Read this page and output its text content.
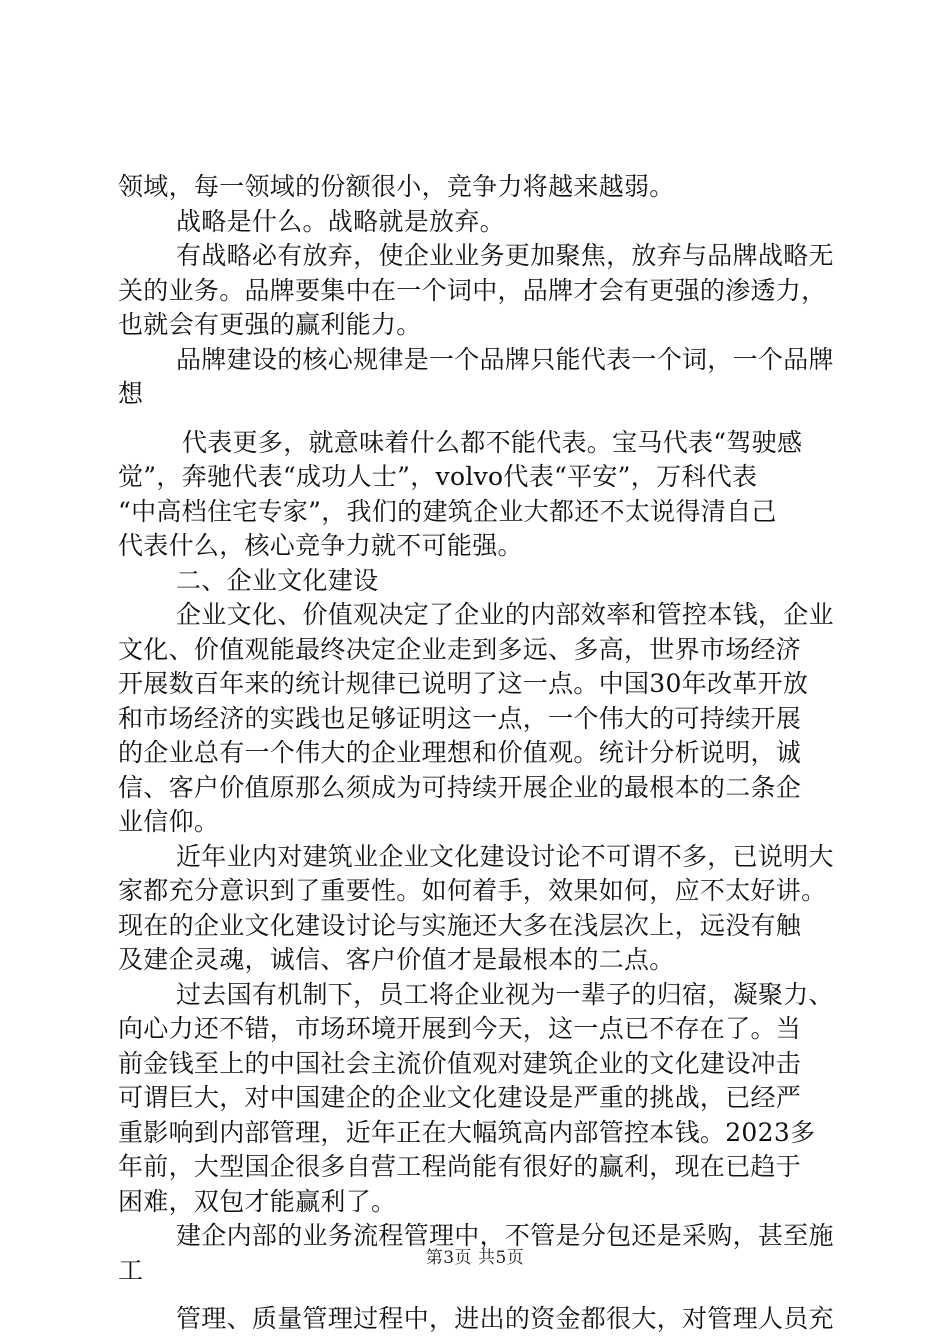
领域，每一领域的份额很小，竞争力将越来越弱。
战略是什么。战略就是放弃。
有战略必有放弃，使企业业务更加聚焦，放弃与品牌战略无
关的业务。品牌要集中在一个词中，品牌才会有更强的渗透力，
也就会有更强的赢利能力。
品牌建设的核心规律是一个品牌只能代表一个词，一个品牌
想
代表更多，就意味着什么都不能代表。宝马代表“驾驶感
觉”，奔驰代表“成功人士”，volvo代表“平安”，万科代表
“中高档住宅专家”，我们的建筑企业大都还不太说得清自己
代表什么，核心竞争力就不可能强。
二、企业文化建设
企业文化、价值观决定了企业的内部效率和管控本钱，企业
文化、价值观能最终决定企业走到多远、多高，世界市场经济
开展数百年来的统计规律已说明了这一点。中国30年改革开放
和市场经济的实践也足够证明这一点，一个伟大的可持续开展
的企业总有一个伟大的企业理想和价值观。统计分析说明，诚
信、客户价值原那么须成为可持续开展企业的最根本的二条企
业信仰。
近年业内对建筑业企业文化建设讨论不可谓不多，已说明大
家都充分意识到了重要性。如何着手，效果如何，应不太好讲。
现在的企业文化建设讨论与实施还大多在浅层次上，远没有触
及建企灵魂，诚信、客户价值才是最根本的二点。
过去国有机制下，员工将企业视为一辈子的归宿，凝聚力、
向心力还不错，市场环境开展到今天，这一点已不存在了。当
前金钱至上的中国社会主流价值观对建筑企业的文化建设冲击
可谓巨大，对中国建企的企业文化建设是严重的挑战，已经严
重影响到内部管理，近年正在大幅筑高内部管控本钱。2023多
年前，大型国企很多自营工程尚能有很好的赢利，现在已趋于
困难，双包才能赢利了。
建企内部的业务流程管理中，不管是分包还是采购，甚至施
工
管理、质量管理过程中，进出的资金都很大，对管理人员充
第3页 共5页
